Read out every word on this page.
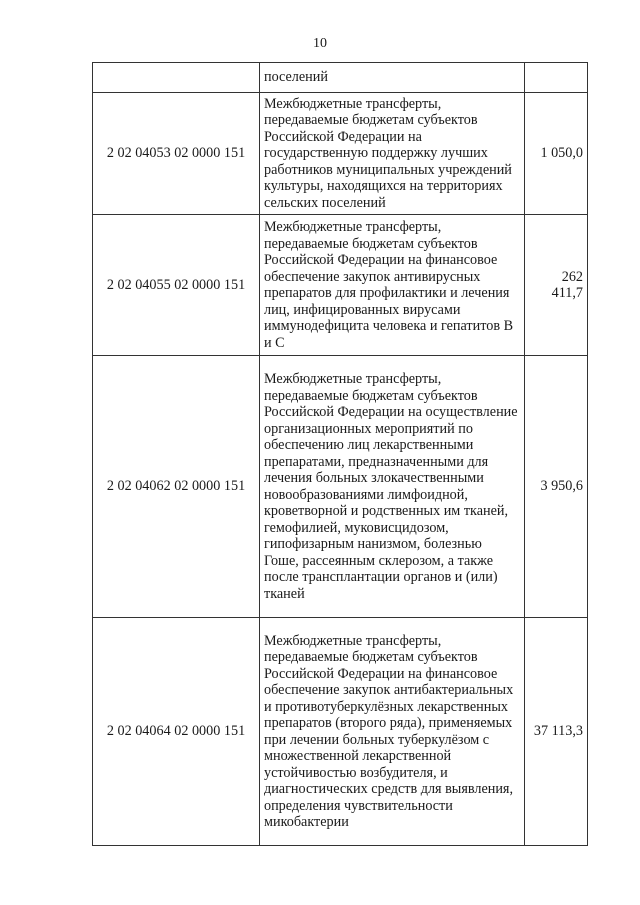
10
	поселений	
2 02 04053 02 0000 151	Межбюджетные трансферты, передаваемые бюджетам субъектов Российской Федерации на государственную поддержку лучших работников муниципальных учреждений культуры, находящихся на территориях сельских поселений	1 050,0
2 02 04055 02 0000 151	Межбюджетные трансферты, передаваемые бюджетам субъектов Российской Федерации на финансовое обеспечение закупок антивирусных препаратов для профилактики и лечения лиц, инфицированных вирусами иммунодефицита человека и гепатитов В и С	262 411,7
2 02 04062 02 0000 151	Межбюджетные трансферты, передаваемые бюджетам субъектов Российской Федерации на осуществление организационных мероприятий по обеспечению лиц лекарственными препаратами, предназначенными для лечения больных злокачественными новообразованиями лимфоидной, кроветворной и родственных им тканей, гемофилией, муковисцидозом, гипофизарным нанизмом, болезнью Гоше, рассеянным склерозом, а также после трансплантации органов и (или) тканей	3 950,6
2 02 04064 02 0000 151	Межбюджетные трансферты, передаваемые бюджетам субъектов Российской Федерации на финансовое обеспечение закупок антибактериальных и противотуберкулёзных лекарственных препаратов (второго ряда), применяемых при лечении больных туберкулёзом с множественной лекарственной устойчивостью возбудителя, и диагностических средств для выявления, определения чувствительности микобактерии	37 113,3
